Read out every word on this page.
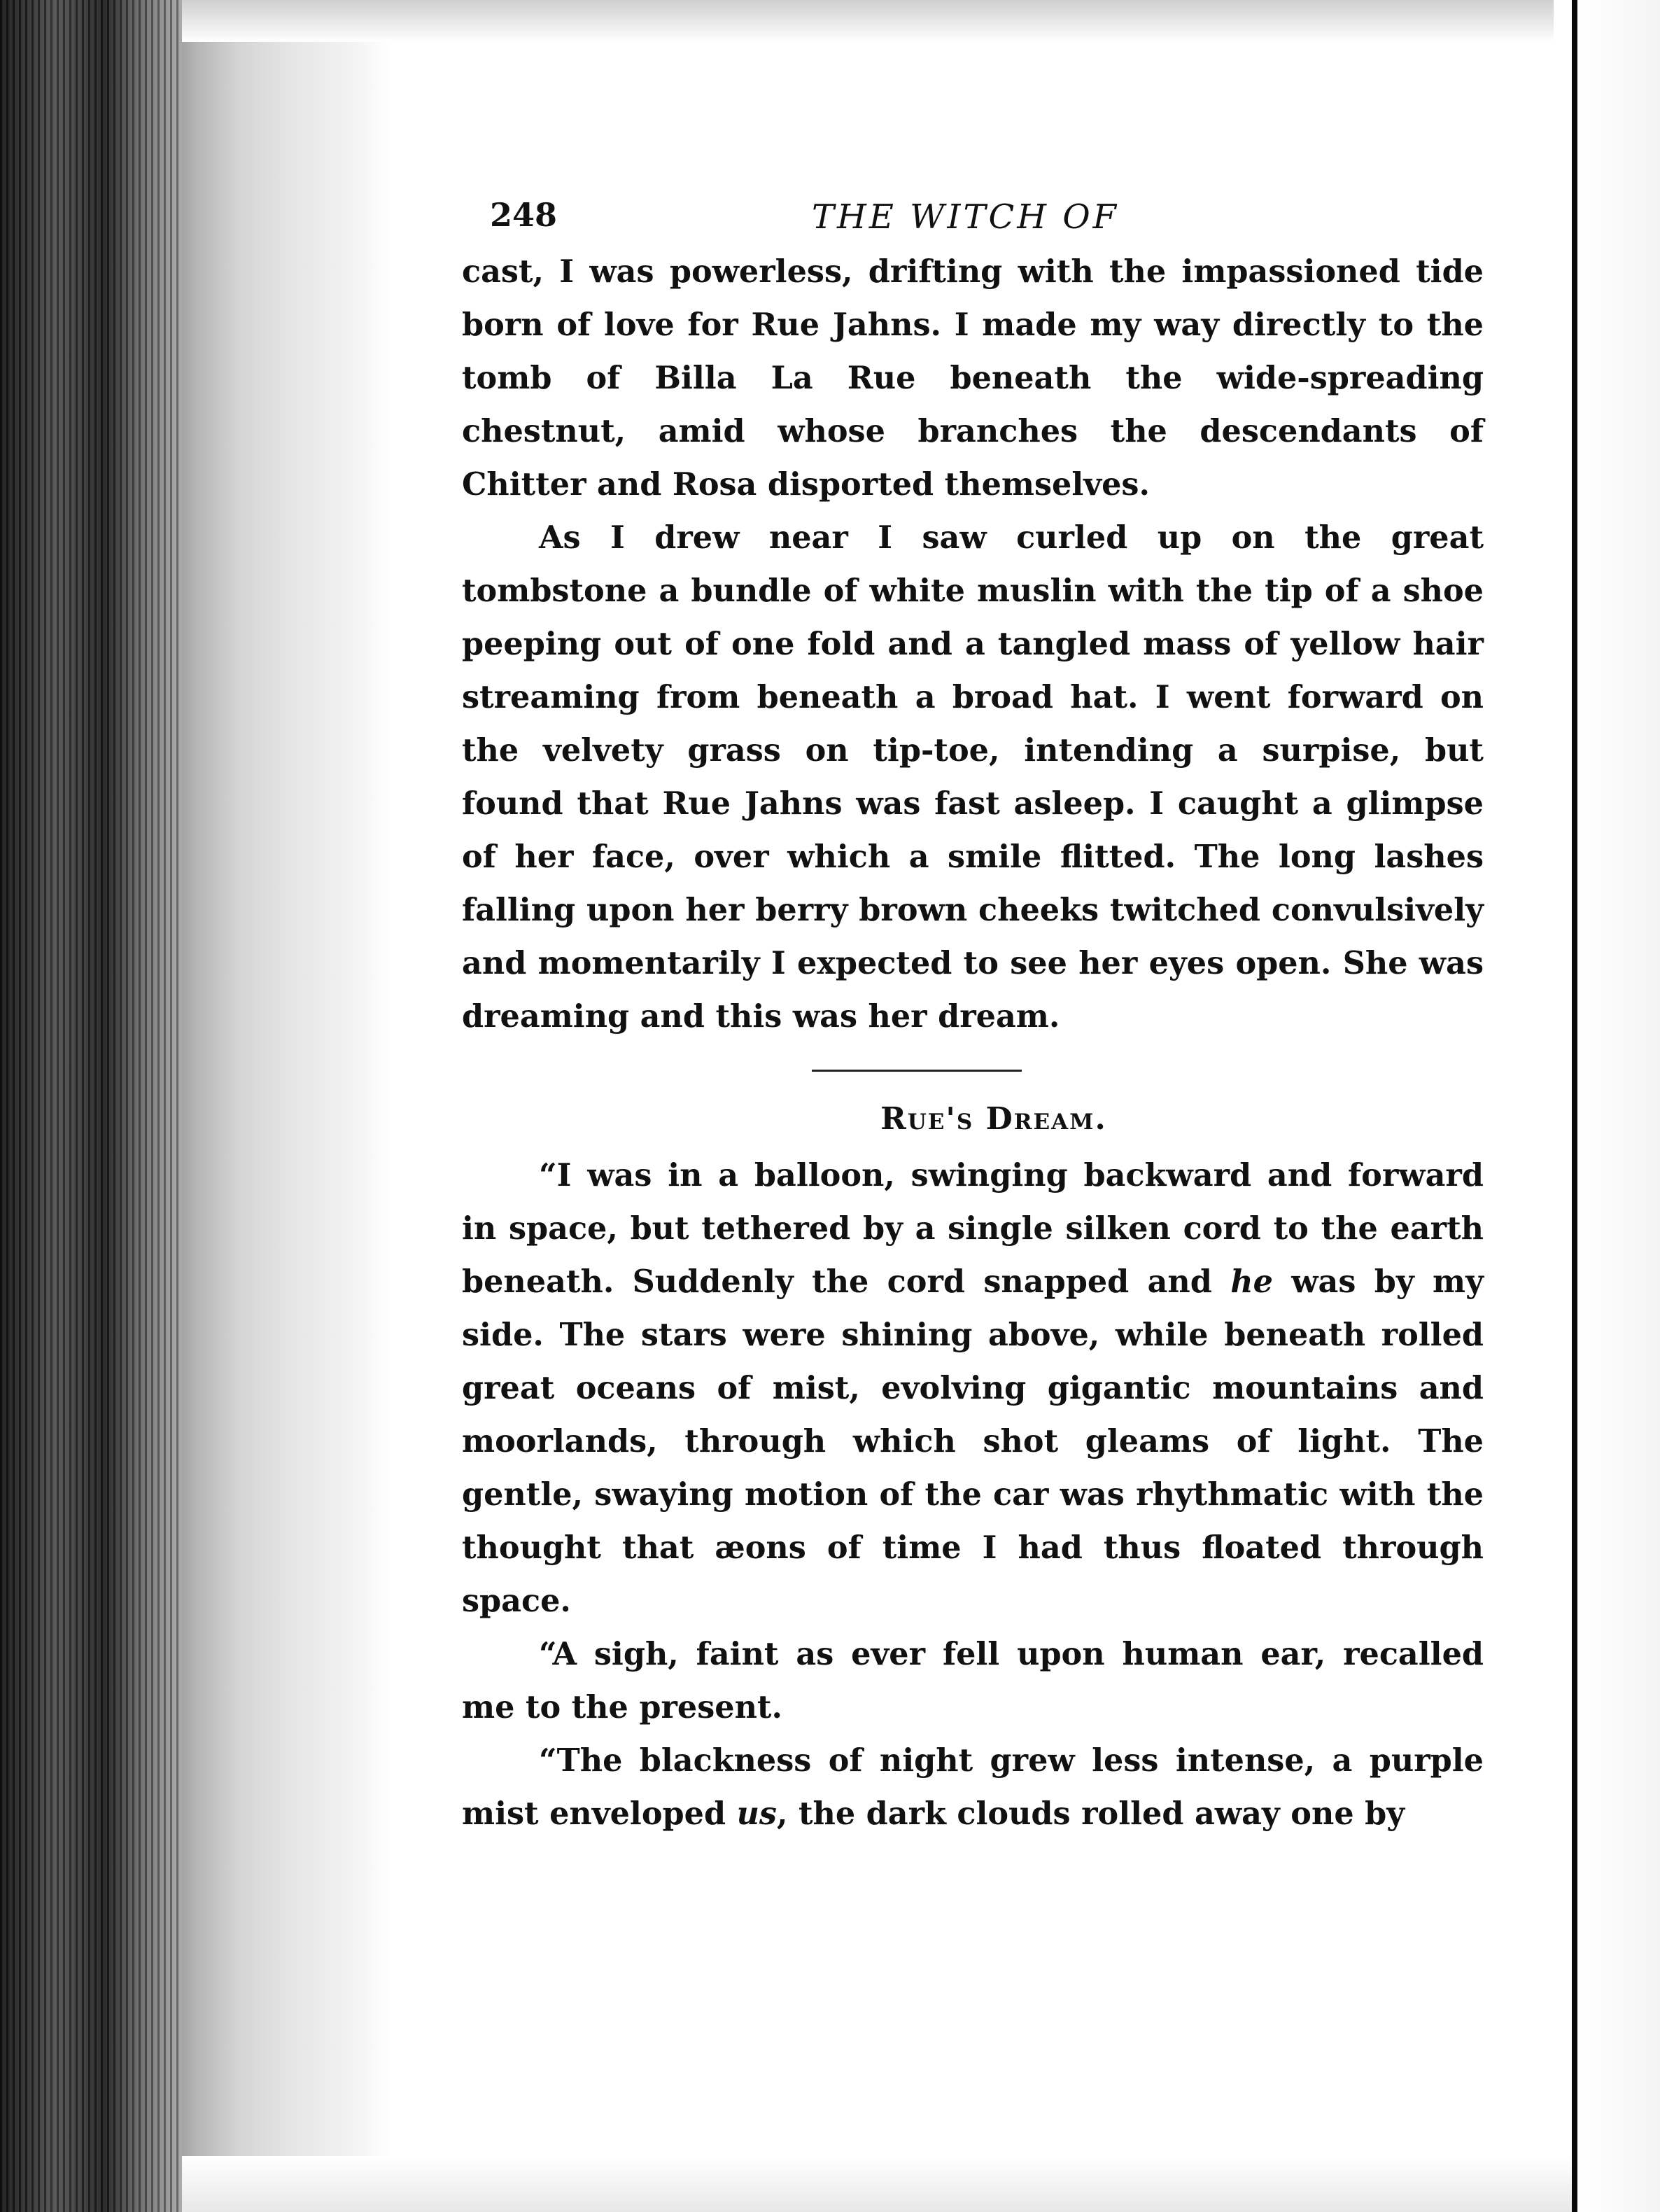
248	THE WITCH OF

cast, I was powerless, drifting with the impassioned tide born of love for Rue Jahns. I made my way directly to the tomb of Billa La Rue beneath the wide-spreading chestnut, amid whose branches the descendants of Chitter and Rosa disported themselves.

As I drew near I saw curled up on the great tombstone a bundle of white muslin with the tip of a shoe peeping out of one fold and a tangled mass of yellow hair streaming from beneath a broad hat. I went forward on the velvety grass on tip-toe, intending a surpise, but found that Rue Jahns was fast asleep. I caught a glimpse of her face, over which a smile flitted. The long lashes falling upon her berry brown cheeks twitched convulsively and momentarily I expected to see her eyes open. She was dreaming and this was her dream.

Rue's Dream.

“I was in a balloon, swinging backward and forward in space, but tethered by a single silken cord to the earth beneath. Suddenly the cord snapped and he was by my side. The stars were shining above, while beneath rolled great oceans of mist, evolving gigantic mountains and moorlands, through which shot gleams of light. The gentle, swaying motion of the car was rhythmatic with the thought that æons of time I had thus floated through space.

“A sigh, faint as ever fell upon human ear, recalled me to the present.

“The blackness of night grew less intense, a purple mist enveloped us, the dark clouds rolled away one by
